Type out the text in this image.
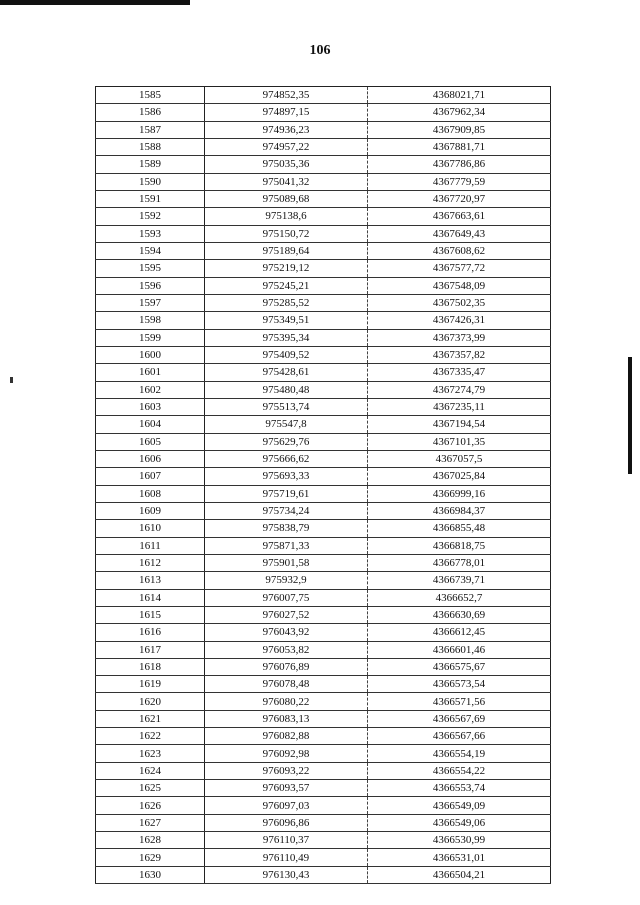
106
1585	974852,35	4368021,71
1586	974897,15	4367962,34
1587	974936,23	4367909,85
1588	974957,22	4367881,71
1589	975035,36	4367786,86
1590	975041,32	4367779,59
1591	975089,68	4367720,97
1592	975138,6	4367663,61
1593	975150,72	4367649,43
1594	975189,64	4367608,62
1595	975219,12	4367577,72
1596	975245,21	4367548,09
1597	975285,52	4367502,35
1598	975349,51	4367426,31
1599	975395,34	4367373,99
1600	975409,52	4367357,82
1601	975428,61	4367335,47
1602	975480,48	4367274,79
1603	975513,74	4367235,11
1604	975547,8	4367194,54
1605	975629,76	4367101,35
1606	975666,62	4367057,5
1607	975693,33	4367025,84
1608	975719,61	4366999,16
1609	975734,24	4366984,37
1610	975838,79	4366855,48
1611	975871,33	4366818,75
1612	975901,58	4366778,01
1613	975932,9	4366739,71
1614	976007,75	4366652,7
1615	976027,52	4366630,69
1616	976043,92	4366612,45
1617	976053,82	4366601,46
1618	976076,89	4366575,67
1619	976078,48	4366573,54
1620	976080,22	4366571,56
1621	976083,13	4366567,69
1622	976082,88	4366567,66
1623	976092,98	4366554,19
1624	976093,22	4366554,22
1625	976093,57	4366553,74
1626	976097,03	4366549,09
1627	976096,86	4366549,06
1628	976110,37	4366530,99
1629	976110,49	4366531,01
1630	976130,43	4366504,21
